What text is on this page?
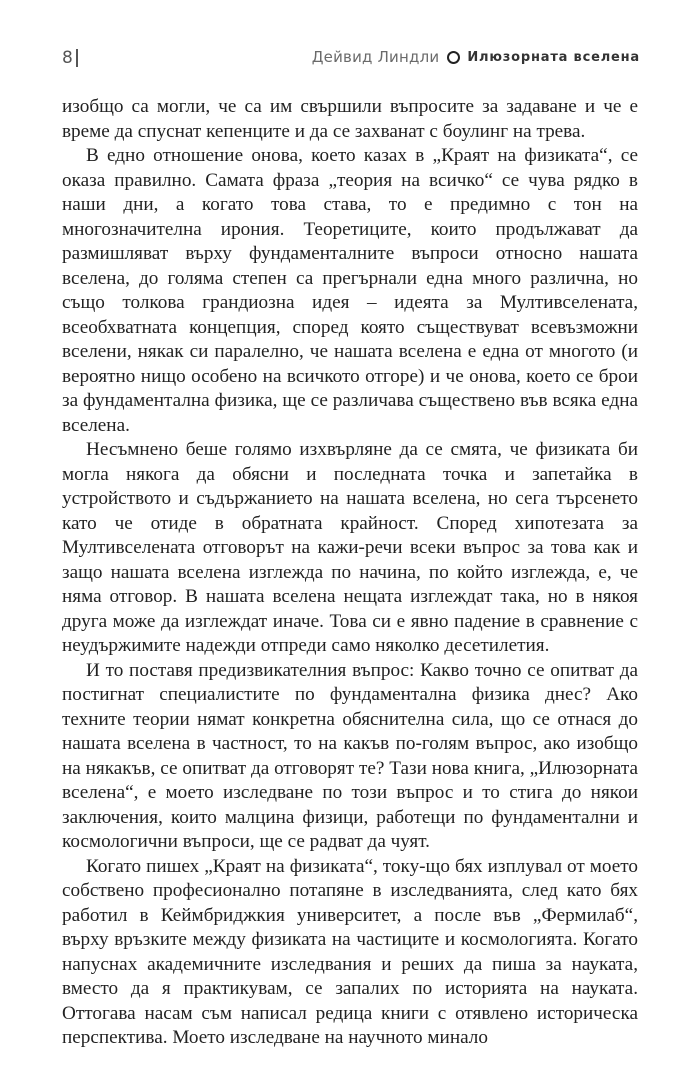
8	Дейвид Линдли Илюзорната вселена

изобщо са могли, че са им свършили въпросите за задаване и че е време да спуснат кепенците и да се захванат с боулинг на трева.

В едно отношение онова, което казах в „Краят на физиката“, се оказа правилно. Самата фраза „теория на всичко“ се чува рядко в наши дни, а когато това става, то е предимно с тон на многозначителна ирония. Теоретиците, които продължават да размишляват върху фундаменталните въпроси относно нашата вселена, до голяма степен са прегърнали една много различна, но също толкова грандиозна идея – идеята за Мултивселената, всеобхватната концепция, според която съществуват всевъзможни вселени, някак си паралелно, че нашата вселена е една от многото (и вероятно нищо особено на всичкото отгоре) и че онова, което се брои за фундаментална физика, ще се различава съществено във всяка една вселена.

Несъмнено беше голямо изхвърляне да се смята, че физиката би могла някога да обясни и последната точка и запетайка в устройството и съдържанието на нашата вселена, но сега търсенето като че отиде в обратната крайност. Според хипотезата за Мултивселената отговорът на кажи-речи всеки въпрос за това как и защо нашата вселена изглежда по начина, по който изглежда, е, че няма отговор. В нашата вселена нещата изглеждат така, но в някоя друга може да изглеждат иначе. Това си е явно падение в сравнение с неудържимите надежди отпреди само няколко десетилетия.

И то поставя предизвикателния въпрос: Какво точно се опитват да постигнат специалистите по фундаментална физика днес? Ако техните теории нямат конкретна обяснителна сила, що се отнася до нашата вселена в частност, то на какъв по-голям въпрос, ако изобщо на някакъв, се опитват да отговорят те? Тази нова книга, „Илюзорната вселена“, е моето изследване по този въпрос и то стига до някои заключения, които малцина физици, работещи по фундаментални и космологични въпроси, ще се радват да чуят.

Когато пишех „Краят на физиката“, току-що бях изплувал от моето собствено професионално потапяне в изследванията, след като бях работил в Кеймбриджкия университет, а после във „Фермилаб“, върху връзките между физиката на частиците и космологията. Когато напуснах академичните изследвания и реших да пиша за науката, вместо да я практикувам, се запалих по историята на науката. Оттогава насам съм написал редица книги с отявлено историческа перспектива. Моето изследване на научното минало
